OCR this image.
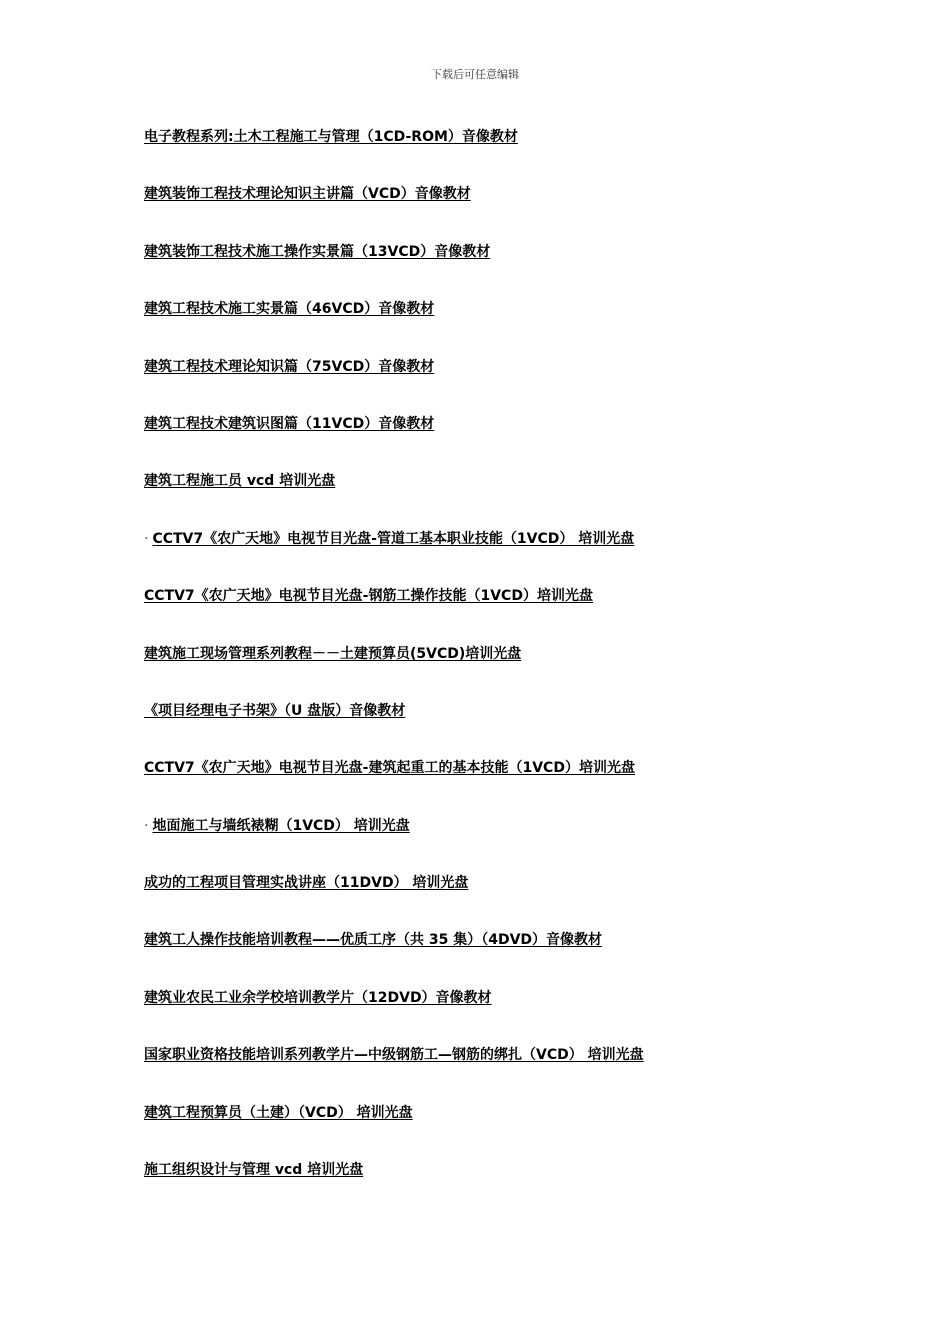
下载后可任意编辑
电子教程系列:土木工程施工与管理（1CD-ROM）音像教材
建筑装饰工程技术理论知识主讲篇（VCD）音像教材
建筑装饰工程技术施工操作实景篇（13VCD）音像教材
建筑工程技术施工实景篇（46VCD）音像教材
建筑工程技术理论知识篇（75VCD）音像教材
建筑工程技术建筑识图篇（11VCD）音像教材
建筑工程施工员 vcd 培训光盘
· CCTV7《农广天地》电视节目光盘-管道工基本职业技能（1VCD） 培训光盘
CCTV7《农广天地》电视节目光盘-钢筋工操作技能（1VCD）培训光盘
建筑施工现场管理系列教程－－土建预算员(5VCD)培训光盘
《项目经理电子书架》（U 盘版）音像教材
CCTV7《农广天地》电视节目光盘-建筑起重工的基本技能（1VCD）培训光盘
· 地面施工与墙纸裱糊（1VCD） 培训光盘
成功的工程项目管理实战讲座（11DVD） 培训光盘
建筑工人操作技能培训教程——优质工序（共 35 集）（4DVD）音像教材
建筑业农民工业余学校培训教学片（12DVD）音像教材
国家职业资格技能培训系列教学片—中级钢筋工—钢筋的绑扎（VCD） 培训光盘
建筑工程预算员（土建）（VCD） 培训光盘
施工组织设计与管理 vcd 培训光盘
